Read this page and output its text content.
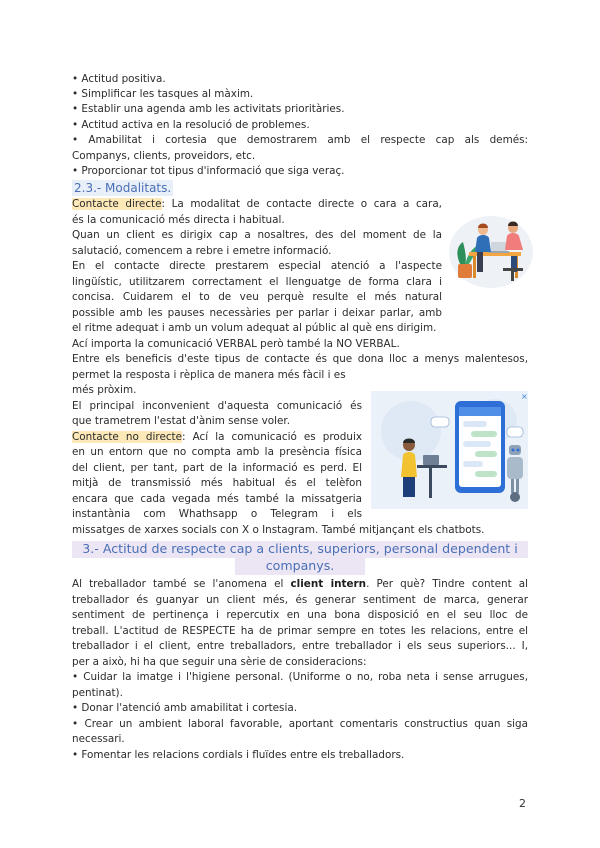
• Actitud positiva.
• Simplificar les tasques al màxim.
• Establir una agenda amb les activitats prioritàries.
• Actitud activa en la resolució de problemes.
• Amabilitat i cortesia que demostrarem amb el respecte cap als demés:
Companys, clients, proveidors, etc.
• Proporcionar tot tipus d'informació que siga veraç.
2.3.- Modalitats.
Contacte directe: La modalitat de contacte directe o cara a cara,
és la comunicació més directa i habitual.
Quan un client es dirigix cap a nosaltres, des del moment de la
salutació, comencem a rebre i emetre informació.
En el contacte directe prestarem especial atenció a l'aspecte
lingüístic, utilitzarem correctament el llenguatge de forma clara i
concisa. Cuidarem el to de veu perquè resulte el més natural
possible amb les pauses necessàries per parlar i deixar parlar, amb
el ritme adequat i amb un volum adequat al públic al què ens dirigim.
Ací importa la comunicació VERBAL però també la NO VERBAL.
Entre els beneficis d'este tipus de contacte és que dona lloc a menys malentesos,
permet la resposta i rèplica de manera més fàcil i es
més pròxim.
El principal inconvenient d'aquesta comunicació és
que trametrem l'estat d'ànim sense voler.
Contacte no directe: Ací la comunicació es produix
en un entorn que no compta amb la presència física
del client, per tant, part de la informació es perd. El
mitjà de transmissió més habitual és el telèfon
encara que cada vegada més també la missatgeria
instantània com Whathsapp o Telegram i els
missatges de xarxes socials con X o Instagram. També mitjançant els chatbots.
3.- Actitud de respecte cap a clients, superiors, personal dependent i
companys.
Al treballador també se l'anomena el client intern. Per què? Tindre content al
treballador és guanyar un client més, és generar sentiment de marca, generar
sentiment de pertinença i repercutix en una bona disposició en el seu lloc de
treball. L'actitud de RESPECTE ha de primar sempre en totes les relacions, entre el
treballador i el client, entre treballadors, entre treballador i els seus superiors... I,
per a això, hi ha que seguir una sèrie de consideracions:
• Cuidar la imatge i l'higiene personal. (Uniforme o no, roba neta i sense arrugues,
pentinat).
• Donar l'atenció amb amabilitat i cortesia.
• Crear un ambient laboral favorable, aportant comentaris constructius quan siga
necessari.
• Fomentar les relacions cordials i fluïdes entre els treballadors.
2
×
